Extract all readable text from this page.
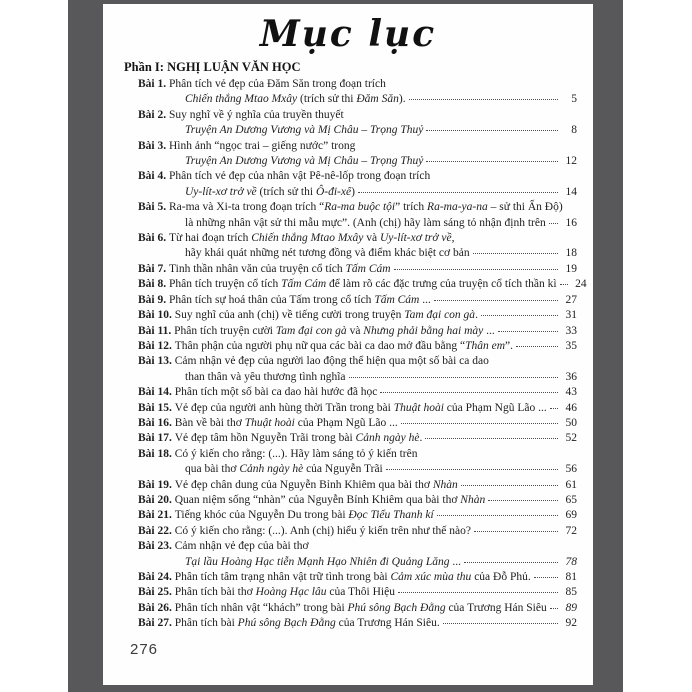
Mục lục
Phần I: NGHỊ LUẬN VĂN HỌC
Bài 1. Phân tích vẻ đẹp của Đăm Săn trong đoạn trích
Chiến thắng Mtao Mxây (trích sử thi Đăm Săn).	5
Bài 2. Suy nghĩ về ý nghĩa của truyền thuyết
Truyện An Dương Vương và Mị Châu – Trọng Thuỷ	8
Bài 3. Hình ảnh “ngọc trai – giếng nước” trong
Truyện An Dương Vương và Mị Châu – Trọng Thuỷ	12
Bài 4. Phân tích vẻ đẹp của nhân vật Pê-nê-lốp trong đoạn trích
Uy-lít-xơ trở về (trích sử thi Ô-đi-xê)	14
Bài 5. Ra-ma và Xi-ta trong đoạn trích “Ra-ma buộc tội” trích Ra-ma-ya-na – sử thi Ấn Độ)
là những nhân vật sử thi mẫu mực”. (Anh (chị) hãy làm sáng tỏ nhận định trên	16
Bài 6. Từ hai đoạn trích Chiến thắng Mtao Mxây và Uy-lít-xơ trở về,
hãy khái quát những nét tương đồng và điểm khác biệt cơ bản	18
Bài 7. Tinh thần nhân văn của truyện cổ tích Tấm Cám	19
Bài 8. Phân tích truyện cổ tích Tấm Cám để làm rõ các đặc trưng của truyện cổ tích thần kì	24
Bài 9. Phân tích sự hoá thân của Tấm trong cổ tích Tấm Cám ...	27
Bài 10. Suy nghĩ của anh (chị) về tiếng cười trong truyện Tam đại con gà.	31
Bài 11. Phân tích truyện cười Tam đại con gà và Nhưng phải bằng hai mày ...	33
Bài 12. Thân phận của người phụ nữ qua các bài ca dao mở đầu bằng “Thân em”.	35
Bài 13. Cảm nhận vẻ đẹp của người lao động thể hiện qua một số bài ca dao
than thân và yêu thương tình nghĩa	36
Bài 14. Phân tích một số bài ca dao hài hước đã học	43
Bài 15. Vẻ đẹp của người anh hùng thời Trần trong bài Thuật hoài của Phạm Ngũ Lão ...	46
Bài 16. Bàn về bài thơ Thuật hoài của Phạm Ngũ Lão ...	50
Bài 17. Vẻ đẹp tâm hồn Nguyễn Trãi trong bài Cảnh ngày hè.	52
Bài 18. Có ý kiến cho rằng: (...). Hãy làm sáng tỏ ý kiến trên
qua bài thơ Cảnh ngày hè của Nguyễn Trãi	56
Bài 19. Vẻ đẹp chân dung của Nguyễn Bỉnh Khiêm qua bài thơ Nhàn	61
Bài 20. Quan niệm sống “nhàn” của Nguyễn Bỉnh Khiêm qua bài thơ Nhàn	65
Bài 21. Tiếng khóc của Nguyễn Du trong bài Đọc Tiểu Thanh kí	69
Bài 22. Có ý kiến cho rằng: (...). Anh (chị) hiểu ý kiến trên như thế nào?	72
Bài 23. Cảm nhận vẻ đẹp của bài thơ
Tại lầu Hoàng Hạc tiễn Mạnh Hạo Nhiên đi Quảng Lăng ...	78
Bài 24. Phân tích tâm trạng nhân vật trữ tình trong bài Cảm xúc mùa thu của Đỗ Phủ.	81
Bài 25. Phân tích bài thơ Hoàng Hạc lâu của Thôi Hiệu	85
Bài 26. Phân tích nhân vật “khách” trong bài Phú sông Bạch Đằng của Trương Hán Siêu	89
Bài 27. Phân tích bài Phú sông Bạch Đằng của Trương Hán Siêu.	92
276
